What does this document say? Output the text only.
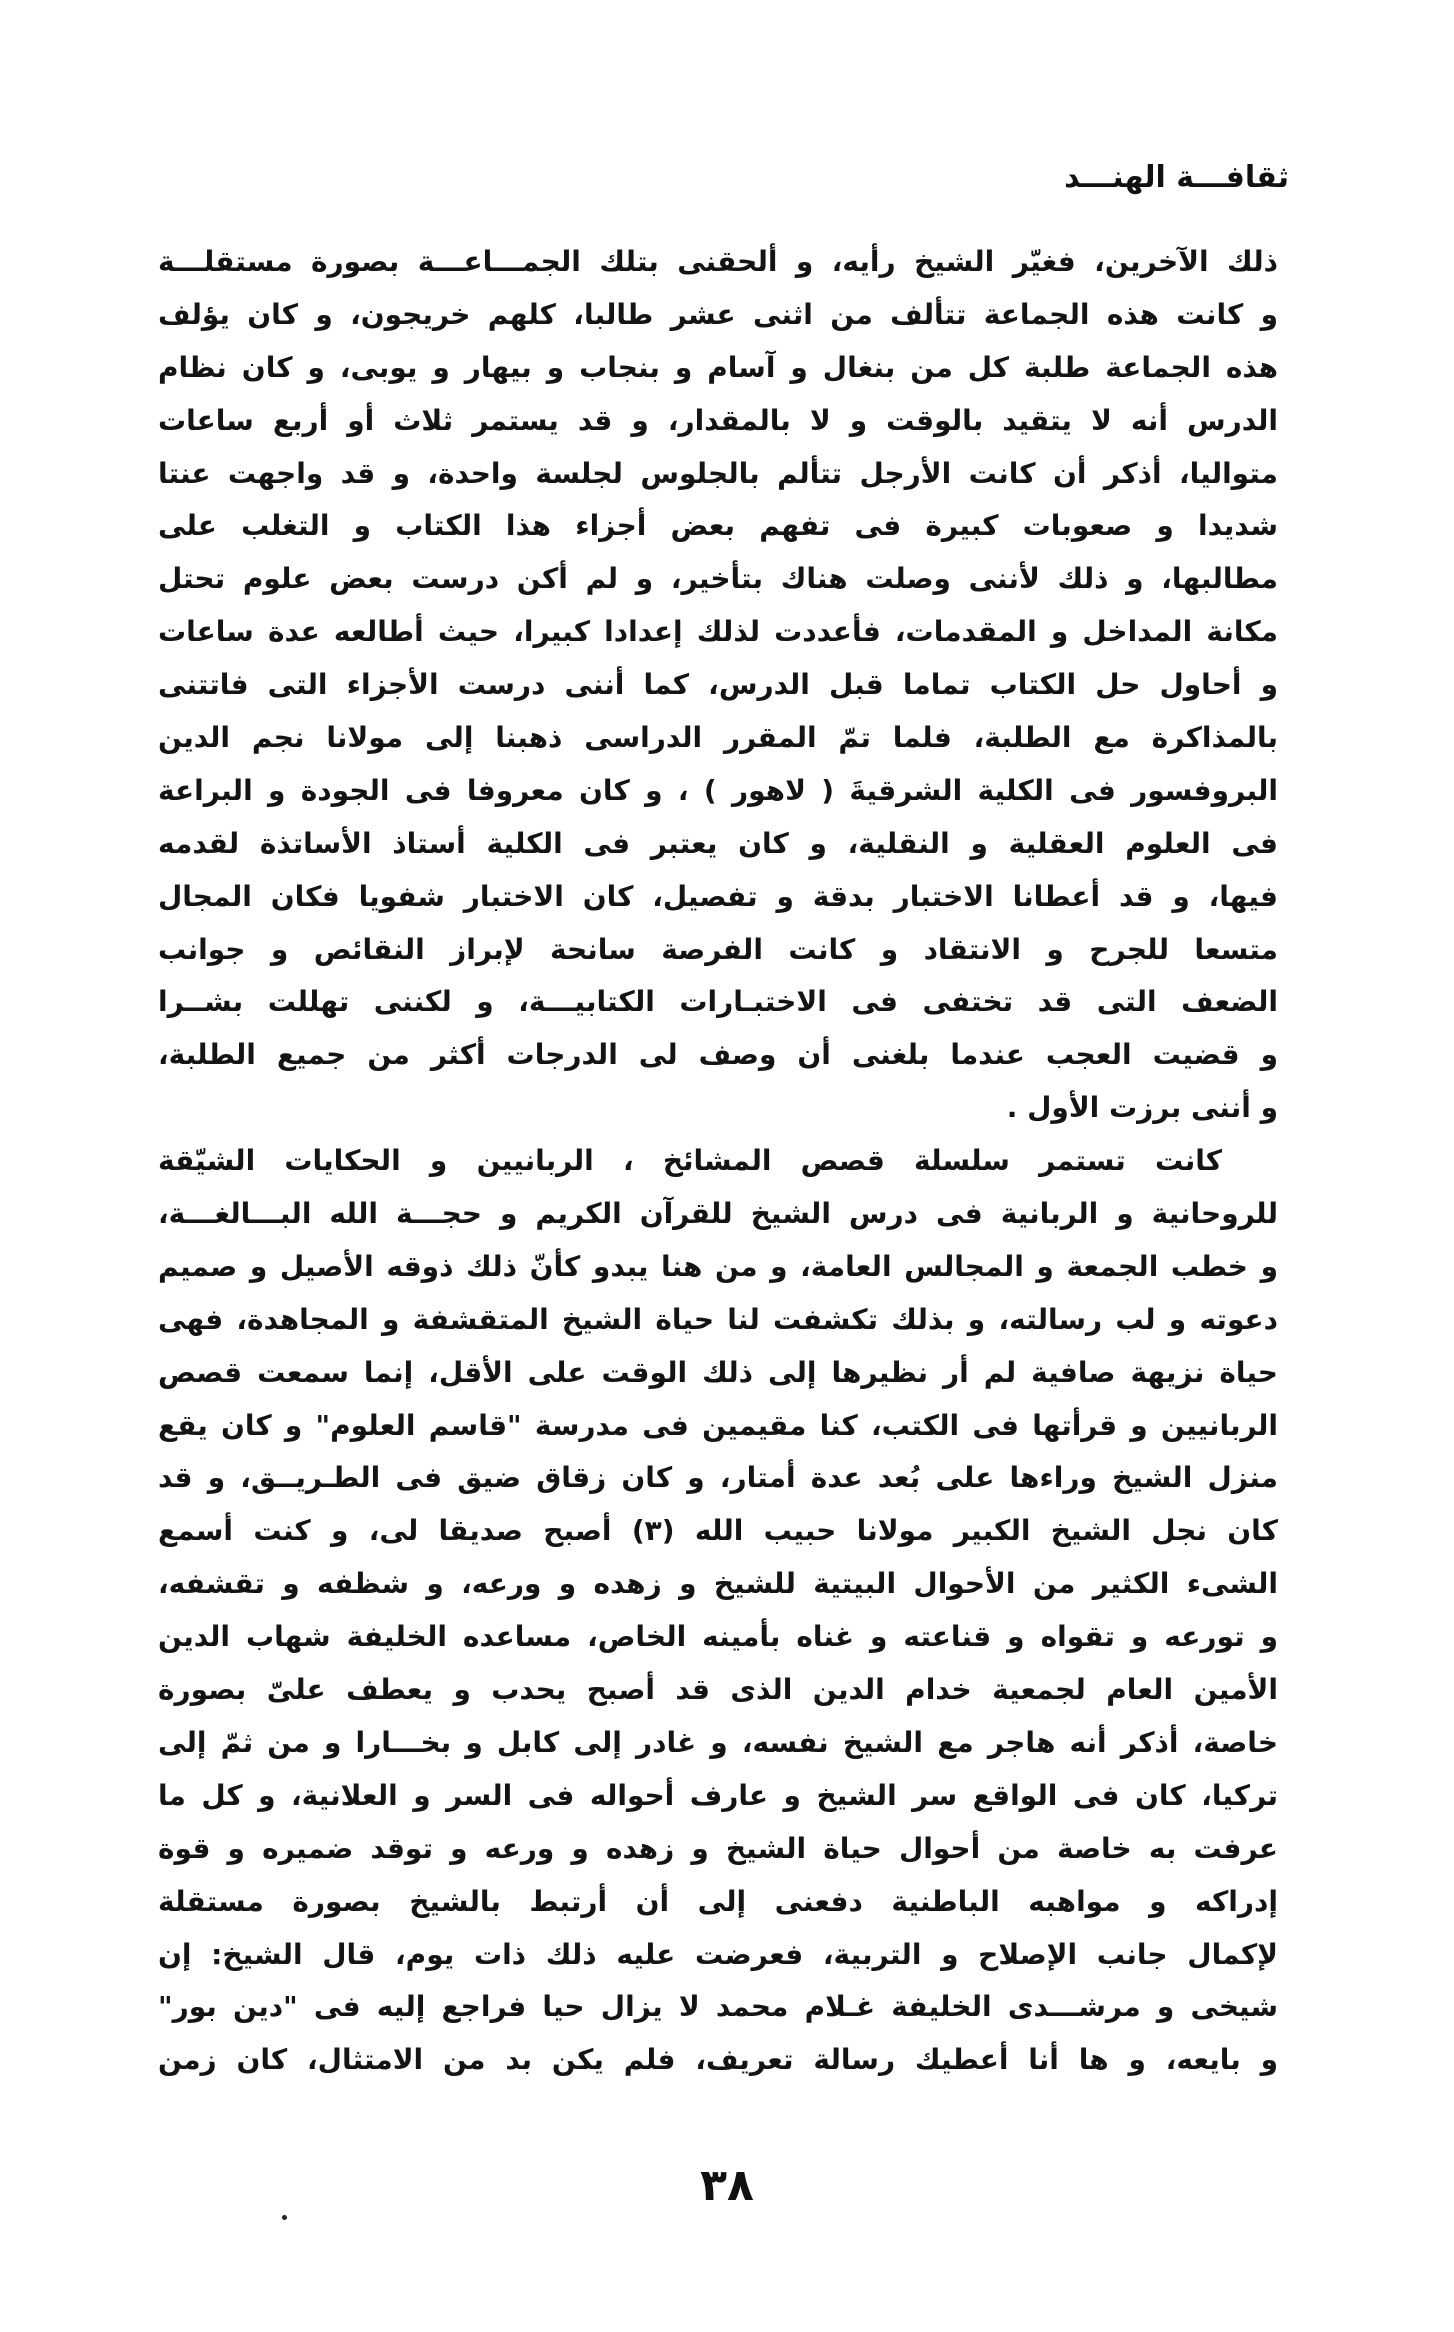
ثقافـــة الهنـــد
ذلك الآخرين، فغيّر الشيخ رأيه، و ألحقنى بتلك الجمـــاعـــة بصورة مستقلـــة
و كانت هذه الجماعة تتألف من اثنى عشر طالبا، كلهم خريجون، و كان يؤلف
هذه الجماعة طلبة كل من بنغال و آسام و بنجاب و بيهار و يوبى، و كان نظام
الدرس أنه لا يتقيد بالوقت و لا بالمقدار، و قد يستمر ثلاث أو أربع ساعات
متواليا، أذكر أن كانت الأرجل تتألم بالجلوس لجلسة واحدة، و قد واجهت عنتا
شديدا و صعوبات كبيرة فى تفهم بعض أجزاء هذا الكتاب و التغلب على
مطالبها، و ذلك لأننى وصلت هناك بتأخير، و لم أكن درست بعض علوم تحتل
مكانة المداخل و المقدمات، فأعددت لذلك إعدادا كبيرا، حيث أطالعه عدة ساعات
و أحاول حل الكتاب تماما قبل الدرس، كما أننى درست الأجزاء التى فاتتنى
بالمذاكرة مع الطلبة، فلما تمّ المقرر الدراسى ذهبنا إلى مولانا نجم الدين
البروفسور فى الكلية الشرقيةَ ( لاهور ) ، و كان معروفا فى الجودة و البراعة
فى العلوم العقلية و النقلية، و كان يعتبر فى الكلية أستاذ الأساتذة لقدمه
فيها، و قد أعطانا الاختبار بدقة و تفصيل، كان الاختبار شفويا فكان المجال
متسعا للجرح و الانتقاد و كانت الفرصة سانحة لإبراز النقائص و جوانب
الضعف التى قد تختفى فى الاختبـارات الكتابيـــة، و لكننى تهللت بشــرا
و قضيت العجب عندما بلغنى أن وصف لى الدرجات أكثر من جميع الطلبة،
و أننى برزت الأول .
كانت تستمر سلسلة قصص المشائخ ، الربانيين و الحكايات الشيّقة
للروحانية و الربانية فى درس الشيخ للقرآن الكريم و حجـــة الله البـــالغـــة،
و خطب الجمعة و المجالس العامة، و من هنا يبدو كأنّ ذلك ذوقه الأصيل و صميم
دعوته و لب رسالته، و بذلك تكشفت لنا حياة الشيخ المتقشفة و المجاهدة، فهى
حياة نزيهة صافية لم أر نظيرها إلى ذلك الوقت على الأقل، إنما سمعت قصص
الربانيين و قرأتها فى الكتب، كنا مقيمين فى مدرسة "قاسم العلوم" و كان يقع
منزل الشيخ وراءها على بُعد عدة أمتار، و كان زقاق ضيق فى الطـريــق، و قد
كان نجل الشيخ الكبير مولانا حبيب الله (٣) أصبح صديقا لى، و كنت أسمع
الشىء الكثير من الأحوال البيتية للشيخ و زهده و ورعه، و شظفه و تقشفه،
و تورعه و تقواه و قناعته و غناه بأمينه الخاص، مساعده الخليفة شهاب الدين
الأمين العام لجمعية خدام الدين الذى قد أصبح يحدب و يعطف علىّ بصورة
خاصة، أذكر أنه هاجر مع الشيخ نفسه، و غادر إلى كابل و بخـــارا و من ثمّ إلى
تركيا، كان فى الواقع سر الشيخ و عارف أحواله فى السر و العلانية، و كل ما
عرفت به خاصة من أحوال حياة الشيخ و زهده و ورعه و توقد ضميره و قوة
إدراكه و مواهبه الباطنية دفعنى إلى أن أرتبط بالشيخ بصورة مستقلة
لإكمال جانب الإصلاح و التربية، فعرضت عليه ذلك ذات يوم، قال الشيخ: إن
شيخى و مرشـــدى الخليفة غـلام محمد لا يزال حيا فراجع إليه فى "دين بور"
و بايعه، و ها أنا أعطيك رسالة تعريف، فلم يكن بد من الامتثال، كان زمن
٣٨
